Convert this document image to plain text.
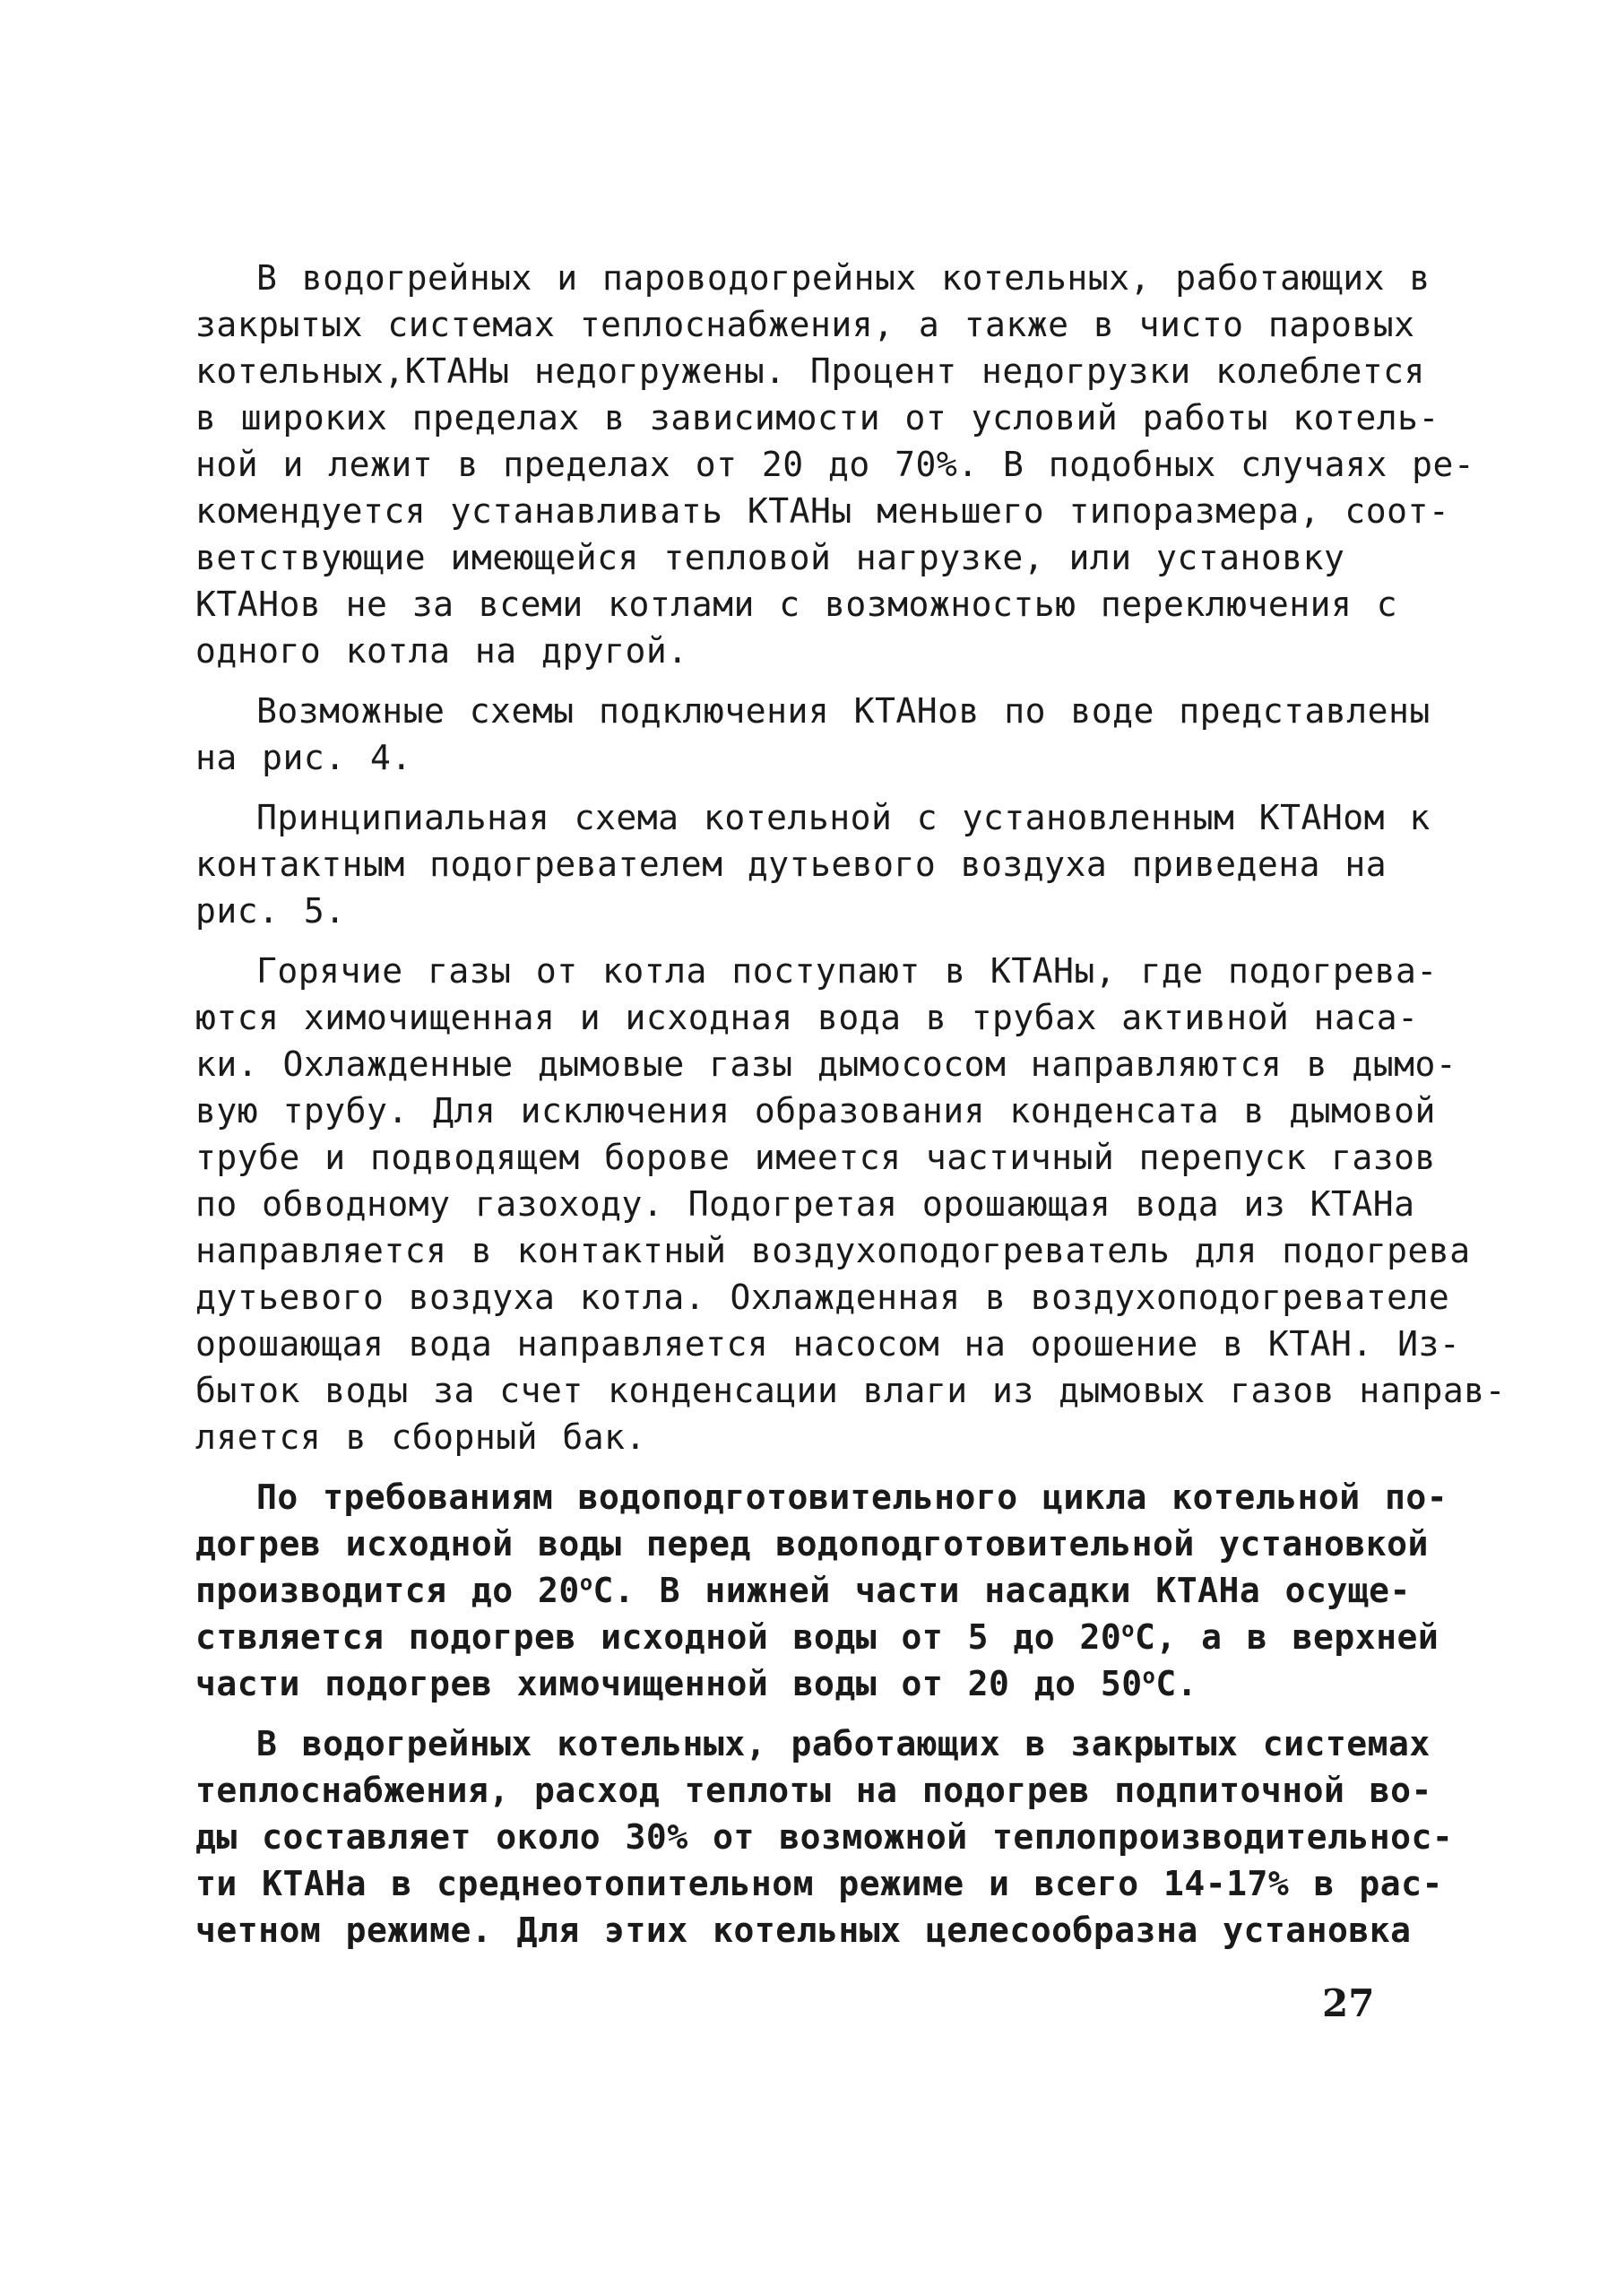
В водогрейных и пароводогрейных котельных, работающих в
закрытых системах теплоснабжения, а также в чисто паровых
котельных,КТАНы недогружены. Процент недогрузки колеблется
в широких пределах в зависимости от условий работы котель-
ной и лежит в пределах от 20 до 70%. В подобных случаях ре-
комендуется устанавливать КТАНы меньшего типоразмера, соот-
ветствующие имеющейся тепловой нагрузке, или установку
КТАНов не за всеми котлами с возможностью переключения с
одного котла на другой.
Возможные схемы подключения КТАНов по воде представлены
на рис. 4.
Принципиальная схема котельной с установленным КТАНом к
контактным подогревателем дутьевого воздуха приведена на
рис. 5.
Горячие газы от котла поступают в КТАНы, где подогрева-
ются химочищенная и исходная вода в трубах активной наса-
ки. Охлажденные дымовые газы дымососом направляются в дымо-
вую трубу. Для исключения образования конденсата в дымовой
трубе и подводящем борове имеется частичный перепуск газов
по обводному газоходу. Подогретая орошающая вода из КТАНа
направляется в контактный воздухоподогреватель для подогрева
дутьевого воздуха котла. Охлажденная в воздухоподогревателе
орошающая вода направляется насосом на орошение в КТАН. Из-
быток воды за счет конденсации влаги из дымовых газов направ-
ляется в сборный бак.
По требованиям водоподготовительного цикла котельной по-
догрев исходной воды перед водоподготовительной установкой
производится до 20$^o$С. В нижней части насадки КТАНа осуще-
ствляется подогрев исходной воды от 5 до 20$^o$С, а в верхней
части подогрев химочищенной воды от 20 до 50$^o$С.
В водогрейных котельных, работающих в закрытых системах
теплоснабжения, расход теплоты на подогрев подпиточной во-
ды составляет около 30% от возможной теплопроизводительнос-
ти КТАНа в среднеотопительном режиме и всего 14-17% в рас-
четном режиме. Для этих котельных целесообразна установка
27
